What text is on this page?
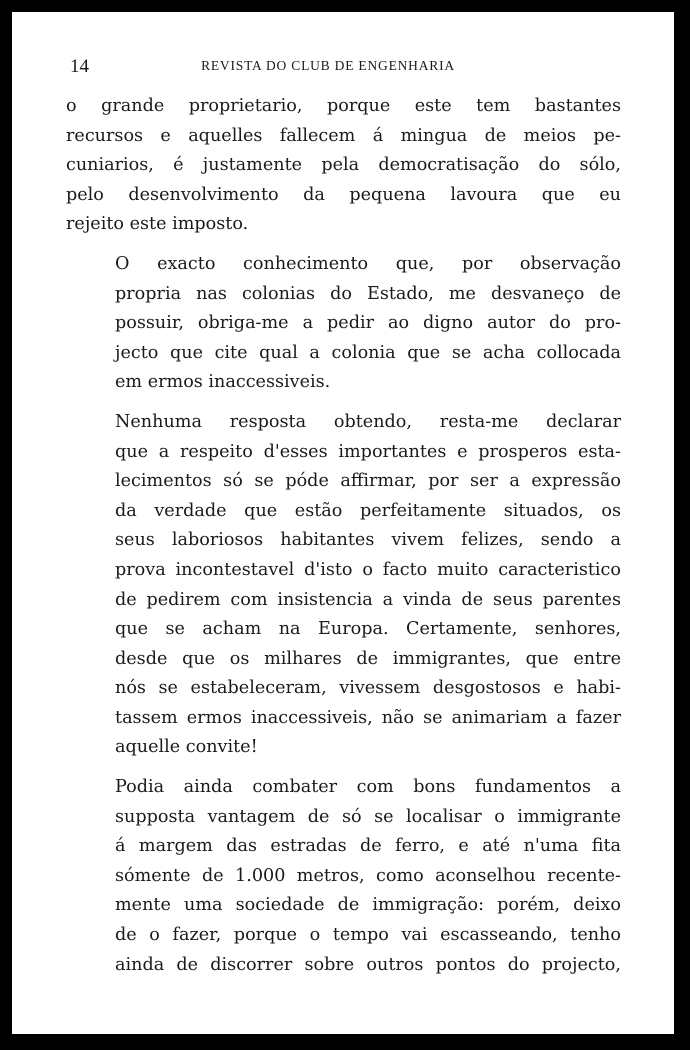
14	REVISTA DO CLUB DE ENGENHARIA

o grande proprietario, porque este tem bastantes
recursos e aquelles fallecem á mingua de meios pe-
cuniarios, é justamente pela democratisação do sólo,
pelo desenvolvimento da pequena lavoura que eu
rejeito este imposto.

O exacto conhecimento que, por observação
propria nas colonias do Estado, me desvaneço de
possuir, obriga-me a pedir ao digno autor do pro-
jecto que cite qual a colonia que se acha collocada
em ermos inaccessiveis.

Nenhuma resposta obtendo, resta-me declarar
que a respeito d'esses importantes e prosperos esta-
lecimentos só se póde affirmar, por ser a expressão
da verdade que estão perfeitamente situados, os
seus laboriosos habitantes vivem felizes, sendo a
prova incontestavel d'isto o facto muito caracteristico
de pedirem com insistencia a vinda de seus parentes
que se acham na Europa. Certamente, senhores,
desde que os milhares de immigrantes, que entre
nós se estabeleceram, vivessem desgostosos e habi-
tassem ermos inaccessiveis, não se animariam a fazer
aquelle convite!

Podia ainda combater com bons fundamentos a
supposta vantagem de só se localisar o immigrante
á margem das estradas de ferro, e até n'uma fita
sómente de 1.000 metros, como aconselhou recente-
mente uma sociedade de immigração: porém, deixo
de o fazer, porque o tempo vai escasseando, tenho
ainda de discorrer sobre outros pontos do projecto,
